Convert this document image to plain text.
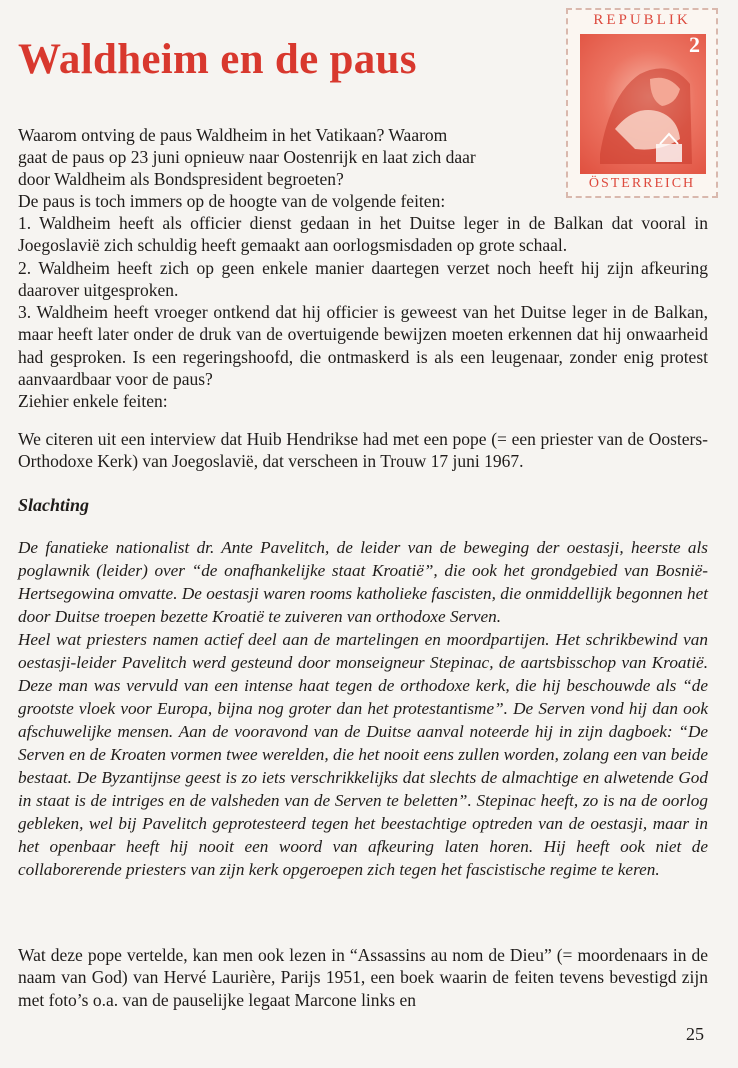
Waldheim en de paus
REPUBLIK
2
ÖSTERREICH
Waarom ontving de paus Waldheim in het Vatikaan? Waarom
gaat de paus op 23 juni opnieuw naar Oostenrijk en laat zich daar
door Waldheim als Bondspresident begroeten?
De paus is toch immers op de hoogte van de volgende feiten:

1. Waldheim heeft als officier dienst gedaan in het Duitse leger in de Balkan dat vooral in Joegoslavië zich schuldig heeft gemaakt aan oorlogsmisdaden op grote schaal.

2. Waldheim heeft zich op geen enkele manier daartegen verzet noch heeft hij zijn afkeuring daarover uitgesproken.

3. Waldheim heeft vroeger ontkend dat hij officier is geweest van het Duitse leger in de Balkan, maar heeft later onder de druk van de overtuigende bewijzen moeten erkennen dat hij onwaarheid had gesproken. Is een regeringshoofd, die ontmaskerd is als een leugenaar, zonder enig protest aanvaardbaar voor de paus?

Ziehier enkele feiten:

We citeren uit een interview dat Huib Hendrikse had met een pope (= een priester van de Oosters-Orthodoxe Kerk) van Joegoslavië, dat verscheen in Trouw 17 juni 1967.

Slachting

De fanatieke nationalist dr. Ante Pavelitch, de leider van de beweging der oestasji, heerste als poglawnik (leider) over “de onafhankelijke staat Kroatië”, die ook het grondgebied van Bosnië-Hertsegowina omvatte. De oestasji waren rooms katholieke fascisten, die onmiddellijk begonnen het door Duitse troepen bezette Kroatië te zuiveren van orthodoxe Serven.

Heel wat priesters namen actief deel aan de martelingen en moordpartijen. Het schrikbewind van oestasji-leider Pavelitch werd gesteund door monseigneur Stepinac, de aartsbisschop van Kroatië. Deze man was vervuld van een intense haat tegen de orthodoxe kerk, die hij beschouwde als “de grootste vloek voor Europa, bijna nog groter dan het protestantisme”. De Serven vond hij dan ook afschuwelijke mensen. Aan de vooravond van de Duitse aanval noteerde hij in zijn dagboek: “De Serven en de Kroaten vormen twee werelden, die het nooit eens zullen worden, zolang een van beide bestaat. De Byzantijnse geest is zo iets verschrikkelijks dat slechts de almachtige en alwetende God in staat is de intriges en de valsheden van de Serven te beletten”. Stepinac heeft, zo is na de oorlog gebleken, wel bij Pavelitch geprotesteerd tegen het beestachtige optreden van de oestasji, maar in het openbaar heeft hij nooit een woord van afkeuring laten horen. Hij heeft ook niet de collaborerende priesters van zijn kerk opgeroepen zich tegen het fascistische regime te keren.

Wat deze pope vertelde, kan men ook lezen in “Assassins au nom de Dieu” (= moordenaars in de naam van God) van Hervé Laurière, Parijs 1951, een boek waarin de feiten tevens bevestigd zijn met foto’s o.a. van de pauselijke legaat Marcone links en

25
